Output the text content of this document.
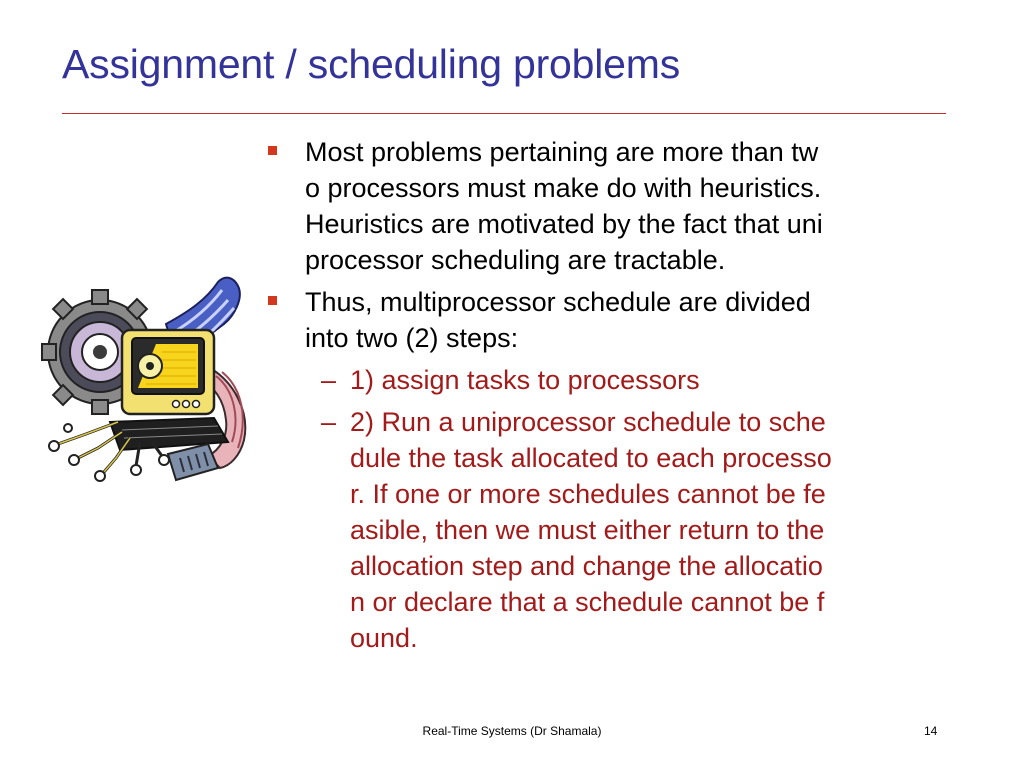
Assignment / scheduling problems
Most problems pertaining are more than tw
o processors must make do with heuristics.
Heuristics are motivated by the fact that uni
processor scheduling are tractable.
Thus, multiprocessor schedule are divided
into two (2) steps:
– 1) assign tasks to processors
– 2) Run a uniprocessor schedule to sche
dule the task allocated to each processo
r. If one or more schedules cannot be fe
asible, then we must either return to the
allocation step and change the allocatio
n or declare that a schedule cannot be f
ound.
Real-Time Systems (Dr Shamala)	14
